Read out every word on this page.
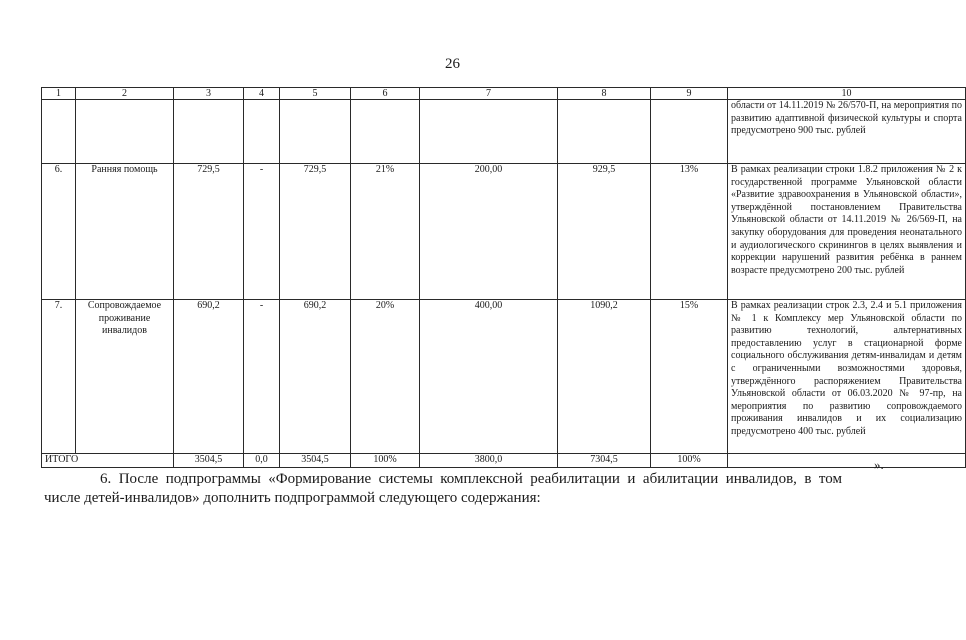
26
1	2	3	4	5	6	7	8	9	10
									области от 14.11.2019 № 26/570-П, на мероприятия по развитию адаптивной физической культуры и спорта предусмотрено 900 тыс. рублей
6.	Ранняя помощь	729,5	-	729,5	21%	200,00	929,5	13%	В рамках реализации строки 1.8.2 приложения № 2 к государственной программе Ульяновской области «Развитие здравоохранения в Ульяновской области», утверждённой постановлением Правительства Ульяновской области от 14.11.2019 № 26/569-П, на закупку оборудования для проведения неонатального и аудиологического скринингов в целях выявления и коррекции нарушений развития ребёнка в раннем возрасте предусмотрено 200 тыс. рублей
7.	Сопровождаемое проживание инвалидов	690,2	-	690,2	20%	400,00	1090,2	15%	В рамках реализации строк 2.3, 2.4 и 5.1 приложения № 1 к Комплексу мер Ульяновской области по развитию технологий, альтернативных предоставлению услуг в стационарной форме социального обслуживания детям-инвалидам и детям с ограниченными возможностями здоровья, утверждённого распоряжением Правительства Ульяновской области от 06.03.2020 № 97-пр, на мероприятия по развитию сопровождаемого проживания инвалидов и их социализацию предусмотрено 400 тыс. рублей
ИТОГО		3504,5	0,0	3504,5	100%	3800,0	7304,5	100%		».
6. После подпрограммы «Формирование системы комплексной реабилитации и абилитации инвалидов, в том
числе детей-инвалидов» дополнить подпрограммой следующего содержания:
